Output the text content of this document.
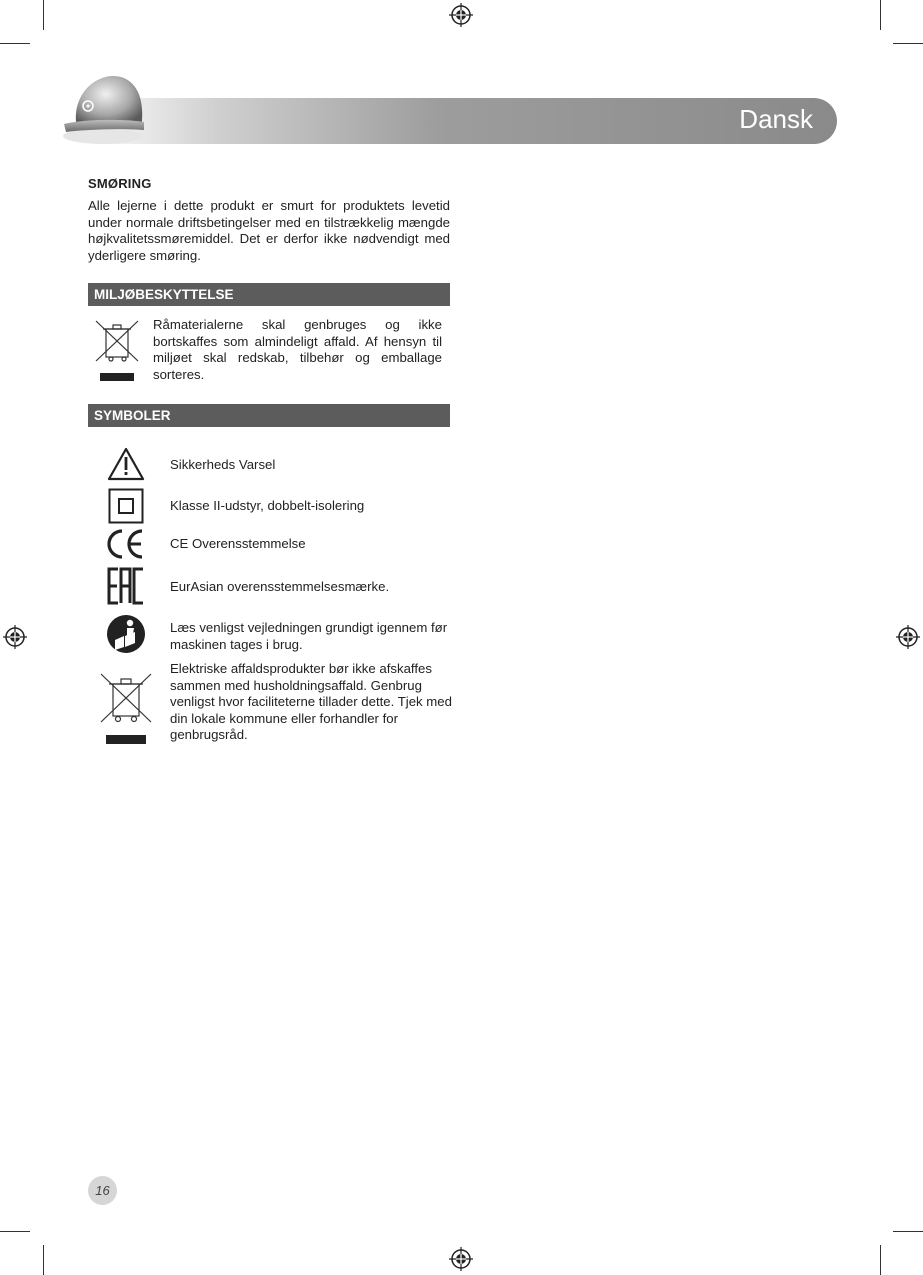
Dansk
SMØRING
Alle lejerne i dette produkt er smurt for produktets levetid under normale driftsbetingelser med en tilstrækkelig mængde højkvalitetssmøremiddel. Det er derfor ikke nødvendigt med yderligere smøring.
MILJØBESKYTTELSE
Råmaterialerne skal genbruges og ikke bortskaffes som almindeligt affald. Af hensyn til miljøet skal redskab, tilbehør og emballage sorteres.
SYMBOLER
Sikkerheds Varsel
Klasse II-udstyr, dobbelt-isolering
CE Overensstemmelse
EurAsian overensstemmelsesmærke.
Læs venligst vejledningen grundigt igennem før maskinen tages i brug.
Elektriske affaldsprodukter bør ikke afskaffes sammen med husholdningsaffald. Genbrug venligst hvor faciliteterne tillader dette. Tjek med din lokale kommune eller forhandler for genbrugsråd.
16
